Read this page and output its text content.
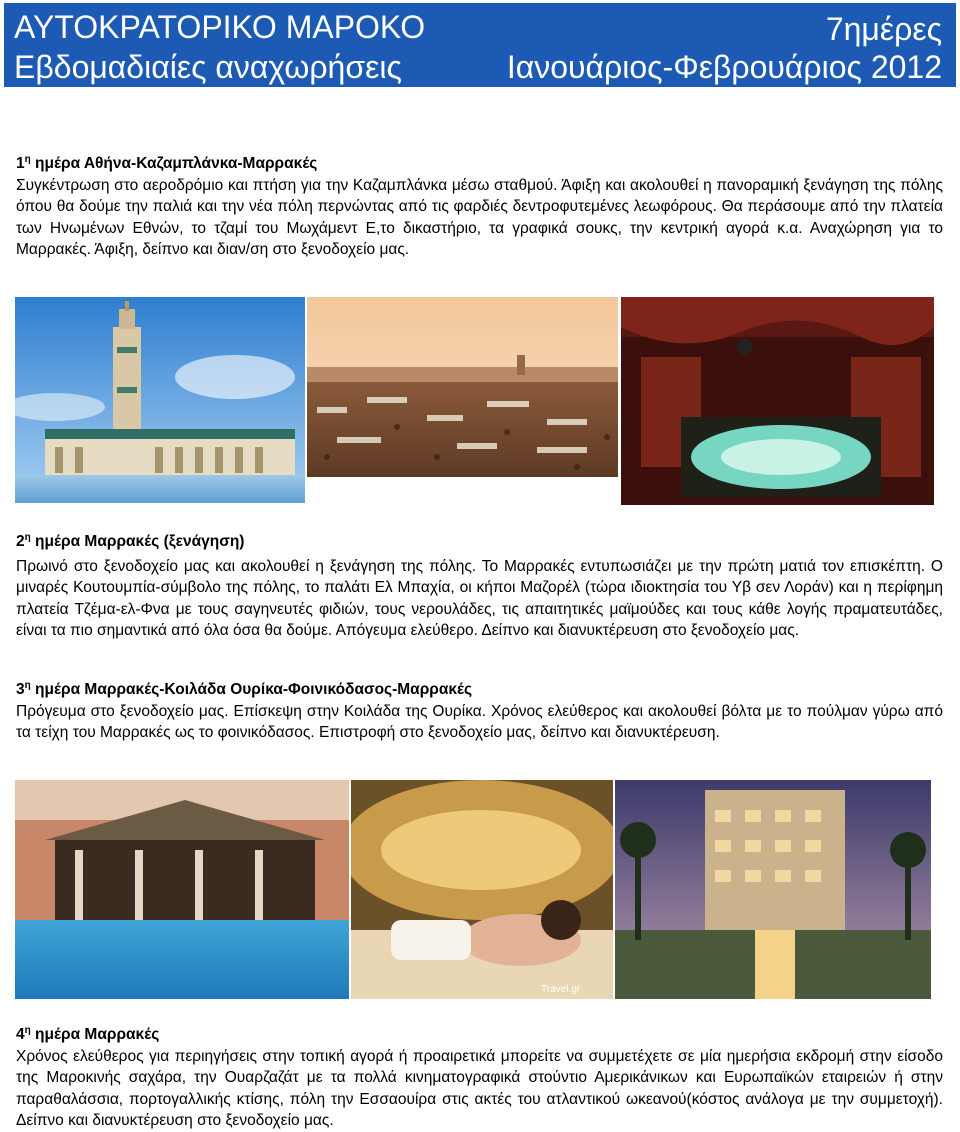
ΑΥΤΟΚΡΑΤΟΡΙΚΟ ΜΑΡΟΚΟ	7ημέρες
Εβδομαδιαίες αναχωρήσεις	Ιανουάριος-Φεβρουάριος 2012
$1^\eta$ ημέρα Αθήνα-Καζαμπλάνκα-Μαρρακές

Συγκέντρωση στο αεροδρόμιο και πτήση για την Καζαμπλάνκα μέσω σταθμού. Άφιξη και ακολουθεί η πανοραμική ξενάγηση της πόλης όπου θα δούμε την παλιά και την νέα πόλη περνώντας από τις φαρδιές δεντροφυτεμένες λεωφόρους. Θα περάσουμε από την πλατεία των Ηνωμένων Εθνών, το τζαμί του Μωχάμεντ Ε,το δικαστήριο, τα γραφικά σουκς, την κεντρική αγορά κ.α. Αναχώρηση για το Μαρρακές. Άφιξη, δείπνο και διαν/ση στο ξενοδοχείο μας.

$2^\eta$ ημέρα Μαρρακές (ξενάγηση)

Πρωινό στο ξενοδοχείο μας και ακολουθεί η ξενάγηση της πόλης. Το Μαρρακές εντυπωσιάζει με την πρώτη ματιά τον επισκέπτη. Ο μιναρές Κουτουμπία-σύμβολο της πόλης, το παλάτι Ελ Μπαχία, οι κήποι Μαζορέλ (τώρα ιδιοκτησία του Υβ σεν Λοράν) και η περίφημη πλατεία Τζέμα-ελ-Φνα με τους σαγηνευτές φιδιών, τους νερουλάδες, τις απαιτητικές μαϊμούδες και τους κάθε λογής πραματευτάδες, είναι τα πιο σημαντικά από όλα όσα θα δούμε. Απόγευμα ελεύθερο. Δείπνο και διανυκτέρευση στο ξενοδοχείο μας.

$3^\eta$ ημέρα Μαρρακές-Κοιλάδα Ουρίκα-Φοινικόδασος-Μαρρακές

Πρόγευμα στο ξενοδοχείο μας. Επίσκεψη στην Κοιλάδα της Ουρίκα. Χρόνος ελεύθερος και ακολουθεί βόλτα με το πούλμαν γύρω από τα τείχη του Μαρρακές ως το φοινικόδασος. Επιστροφή στο ξενοδοχείο μας, δείπνο και διανυκτέρευση.

Travel.gr
$4^\eta$ ημέρα Μαρρακές

Χρόνος ελεύθερος για περιηγήσεις στην τοπική αγορά ή προαιρετικά μπορείτε να συμμετέχετε σε μία ημερήσια εκδρομή στην είσοδο της Μαροκινής σαχάρα, την Ουαρζαζάτ με τα πολλά κινηματογραφικά στούντιο Αμερικάνικων και Ευρωπαϊκών εταιρειών ή στην παραθαλάσσια, πορτογαλλικής κτίσης, πόλη την Εσσαουίρα στις ακτές του ατλαντικού ωκεανού(κόστος ανάλογα με την συμμετοχή). Δείπνο και διανυκτέρευση στο ξενοδοχείο μας.
